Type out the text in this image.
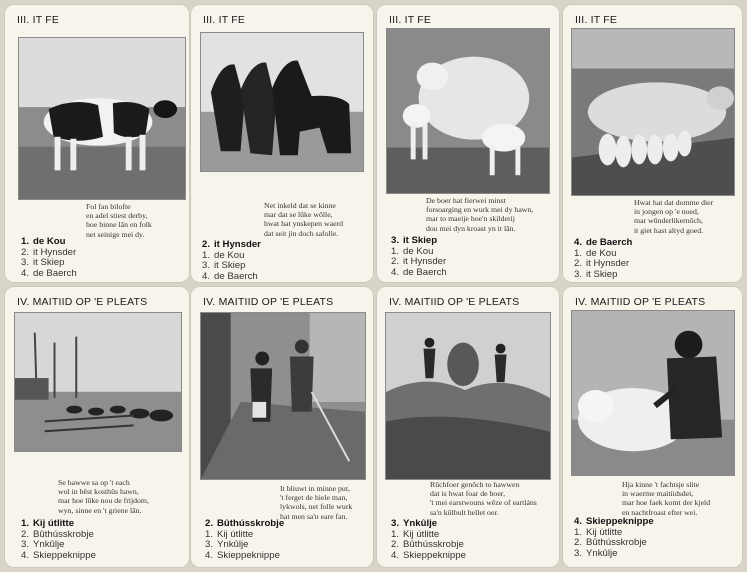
III. IT FE
Fol fan bilofte
en adel stiest derby,
hoe binne lân en folk
net seinige mei dy.
1. de Kou
2. it Hynsder
3. it Skiep
4. de Baerch
III. IT FE
Net inkeld dat se kinne
mar dat se lûke wôlle,
hwat hat ynskepen waerd
dat seit jin doch safolle.
2. it Hynsder
1. de Kou
3. it Skiep
4. de Baerch
III. IT FE
De boer hat fierwei minst
forsoarging en wurk mei dy hawn,
mar to maeije hoe'n skilderij
dou mei dyn kroast yn it lân.
3. it Skiep
1. de Kou
2. it Hynsder
4. de Baerch
III. IT FE
Hwat hat dat domme dier
in jongen op 'e noed,
mar wûnderlikernôch,
it giet hast altyd goed.
4. de Baerch
1. de Kou
2. it Hynsder
3. it Skiep
IV. MAITIID OP 'E PLEATS
Se hawwe sa op 't each
wol in bêst kosthûs hawn,
mar hoe lûke nou de frijdom,
wyn, sinne en 't griene lân.
1. Kij útlitte
2. Bûthússkrobje
3. Ynkûlje
4. Skieppeknippe
IV. MAITIID OP 'E PLEATS
It bliuwt in minne put,
't ferget de hiele man,
lykwols, net folle wurk
hat men sa'n eare fan.
2. Bûthússkrobje
1. Kij útlitte
3. Ynkûlje
4. Skieppeknippe
IV. MAITIID OP 'E PLEATS
Rûchfoer genôch to hawwen
dat is hwat foar de boer,
't mei earstwouns wêze of eartláns
sa'n kûlbult hellet oer.
3. Ynkûlje
1. Kij útlitte
2. Bûthússkrobje
4. Skieppeknippe
IV. MAITIID OP 'E PLEATS
Hja kinne 't fachtsje slite
in waerme maitiidsdei,
mar hoe faek komt der kjeld
en nachtfroast efter wei.
4. Skieppeknippe
1. Kij útlitte
2. Bûthússkrobje
3. Ynkûlje
